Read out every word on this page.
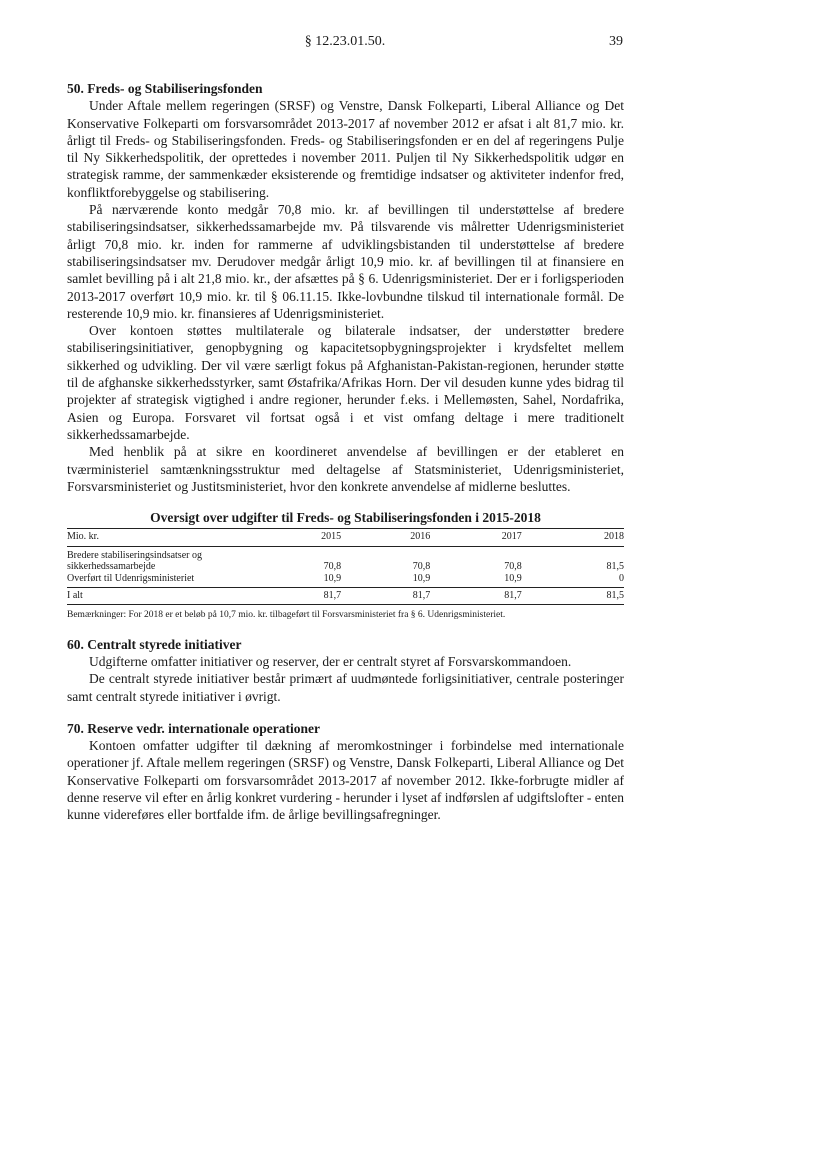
§ 12.23.01.50.	39
50. Freds- og Stabiliseringsfonden

Under Aftale mellem regeringen (SRSF) og Venstre, Dansk Folkeparti, Liberal Alliance og Det Konservative Folkeparti om forsvarsområdet 2013-2017 af november 2012 er afsat i alt 81,7 mio. kr. årligt til Freds- og Stabiliseringsfonden. Freds- og Stabiliseringsfonden er en del af regeringens Pulje til Ny Sikkerhedspolitik, der oprettedes i november 2011. Puljen til Ny Sikkerhedspolitik udgør en strategisk ramme, der sammenkæder eksisterende og fremtidige indsatser og aktiviteter indenfor fred, konfliktforebyggelse og stabilisering.

På nærværende konto medgår 70,8 mio. kr. af bevillingen til understøttelse af bredere stabiliseringsindsatser, sikkerhedssamarbejde mv. På tilsvarende vis målretter Udenrigsministeriet årligt 70,8 mio. kr. inden for rammerne af udviklingsbistanden til understøttelse af bredere stabiliseringsindsatser mv. Derudover medgår årligt 10,9 mio. kr. af bevillingen til at finansiere en samlet bevilling på i alt 21,8 mio. kr., der afsættes på § 6. Udenrigsministeriet. Der er i forligsperioden 2013-2017 overført 10,9 mio. kr. til § 06.11.15. Ikke-lovbundne tilskud til internationale formål. De resterende 10,9 mio. kr. finansieres af Udenrigsministeriet.

Over kontoen støttes multilaterale og bilaterale indsatser, der understøtter bredere stabiliseringsinitiativer, genopbygning og kapacitetsopbygningsprojekter i krydsfeltet mellem sikkerhed og udvikling. Der vil være særligt fokus på Afghanistan-Pakistan-regionen, herunder støtte til de afghanske sikkerhedsstyrker, samt Østafrika/Afrikas Horn. Der vil desuden kunne ydes bidrag til projekter af strategisk vigtighed i andre regioner, herunder f.eks. i Mellemøsten, Sahel, Nordafrika, Asien og Europa. Forsvaret vil fortsat også i et vist omfang deltage i mere traditionelt sikkerhedssamarbejde.

Med henblik på at sikre en koordineret anvendelse af bevillingen er der etableret en tværministeriel samtænkningsstruktur med deltagelse af Statsministeriet, Udenrigsministeriet, Forsvarsministeriet og Justitsministeriet, hvor den konkrete anvendelse af midlerne besluttes.

Oversigt over udgifter til Freds- og Stabiliseringsfonden i 2015-2018
Mio. kr.	2015	2016	2017	2018
Bredere stabiliseringsindsatser og sikkerhedssamarbejde	70,8	70,8	70,8	81,5
Overført til Udenrigsministeriet	10,9	10,9	10,9	0
I alt	81,7	81,7	81,7	81,5
Bemærkninger: For 2018 er et beløb på 10,7 mio. kr. tilbageført til Forsvarsministeriet fra § 6. Udenrigsministeriet.
60. Centralt styrede initiativer

Udgifterne omfatter initiativer og reserver, der er centralt styret af Forsvarskommandoen.

De centralt styrede initiativer består primært af uudmøntede forligsinitiativer, centrale posteringer samt centralt styrede initiativer i øvrigt.

70. Reserve vedr. internationale operationer

Kontoen omfatter udgifter til dækning af meromkostninger i forbindelse med internationale operationer jf. Aftale mellem regeringen (SRSF) og Venstre, Dansk Folkeparti, Liberal Alliance og Det Konservative Folkeparti om forsvarsområdet 2013-2017 af november 2012. Ikke-forbrugte midler af denne reserve vil efter en årlig konkret vurdering - herunder i lyset af indførslen af udgiftslofter - enten kunne videreføres eller bortfalde ifm. de årlige bevillingsafregninger.
